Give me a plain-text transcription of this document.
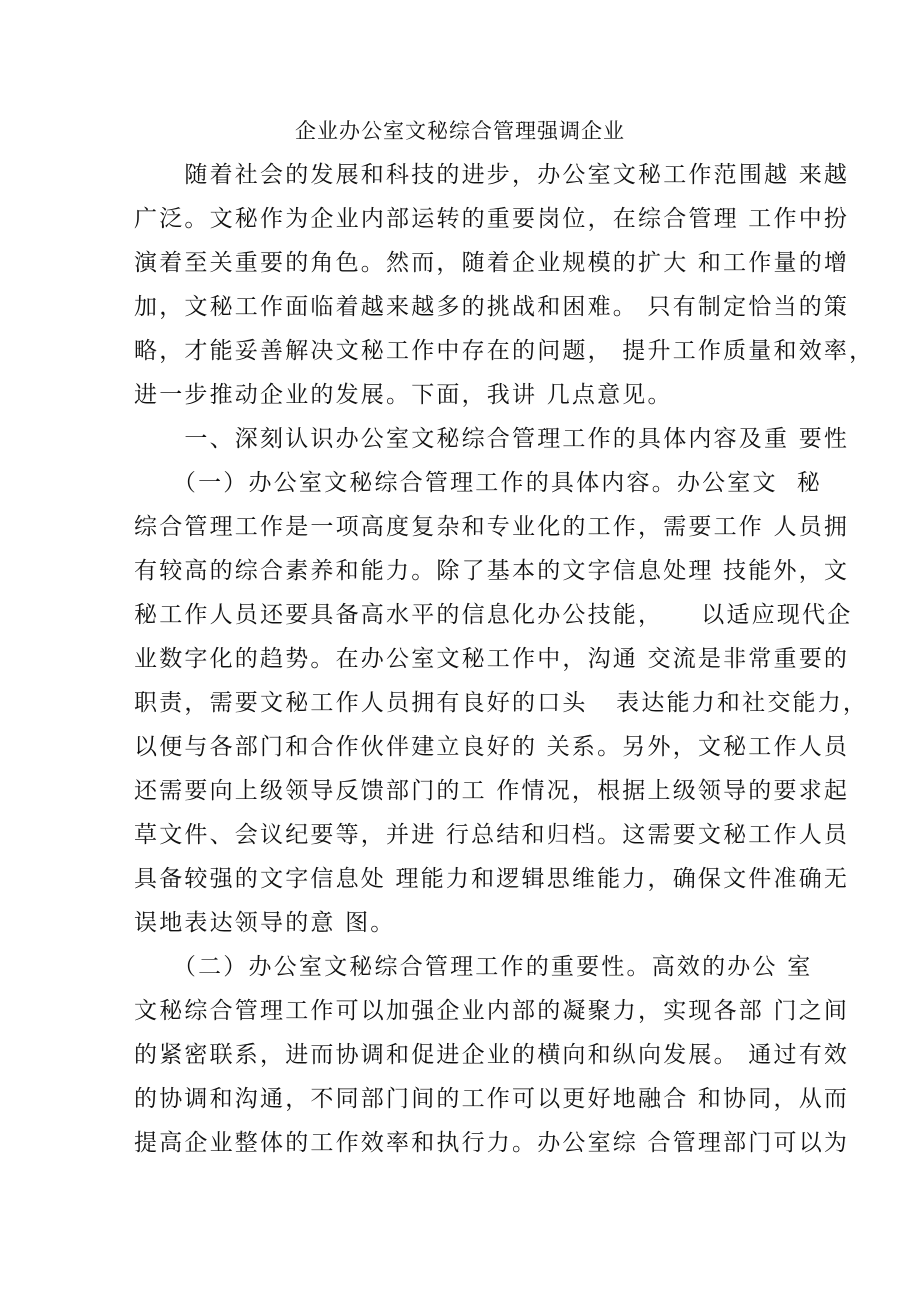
企业办公室文秘综合管理强调企业
　　随着社会的发展和科技的进步，办公室文秘工作范围越 来越
广泛。文秘作为企业内部运转的重要岗位，在综合管理 工作中扮
演着至关重要的角色。然而，随着企业规模的扩大 和工作量的增
加，文秘工作面临着越来越多的挑战和困难。 只有制定恰当的策
略，才能妥善解决文秘工作中存在的问题， 提升工作质量和效率，
进一步推动企业的发展。下面，我讲 几点意见。
　　一、深刻认识办公室文秘综合管理工作的具体内容及重 要性
　　（一）办公室文秘综合管理工作的具体内容。办公室文  秘
综合管理工作是一项高度复杂和专业化的工作，需要工作 人员拥
有较高的综合素养和能力。除了基本的文字信息处理 技能外，文
秘工作人员还要具备高水平的信息化办公技能，    以适应现代企
业数字化的趋势。在办公室文秘工作中，沟通 交流是非常重要的
职责，需要文秘工作人员拥有良好的口头   表达能力和社交能力，
以便与各部门和合作伙伴建立良好的 关系。另外，文秘工作人员
还需要向上级领导反馈部门的工 作情况，根据上级领导的要求起
草文件、会议纪要等，并进 行总结和归档。这需要文秘工作人员
具备较强的文字信息处 理能力和逻辑思维能力，确保文件准确无
误地表达领导的意 图。
　　（二）办公室文秘综合管理工作的重要性。高效的办公 室
文秘综合管理工作可以加强企业内部的凝聚力，实现各部 门之间
的紧密联系，进而协调和促进企业的横向和纵向发展。 通过有效
的协调和沟通，不同部门间的工作可以更好地融合 和协同，从而
提高企业整体的工作效率和执行力。办公室综 合管理部门可以为
